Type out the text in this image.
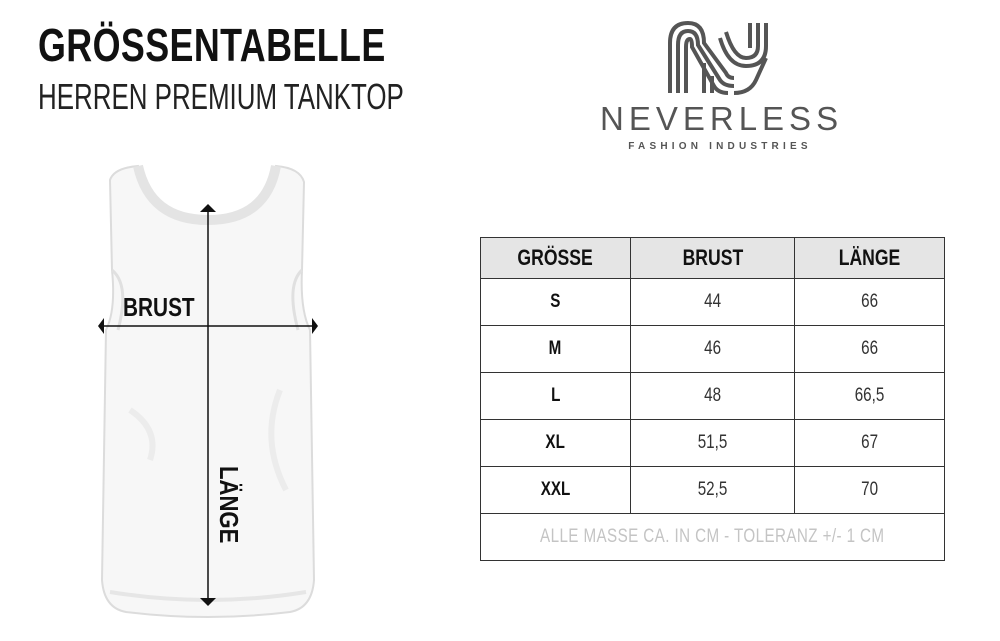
GRÖSSENTABELLE
HERREN PREMIUM TANKTOP
NEVERLESS
FASHION INDUSTRIES
BRUST
LÄNGE
GRÖSSE	BRUST	LÄNGE
S	44	66
M	46	66
L	48	66,5
XL	51,5	67
XXL	52,5	70
ALLE MASSE CA. IN CM - TOLERANZ +/- 1 CM		
